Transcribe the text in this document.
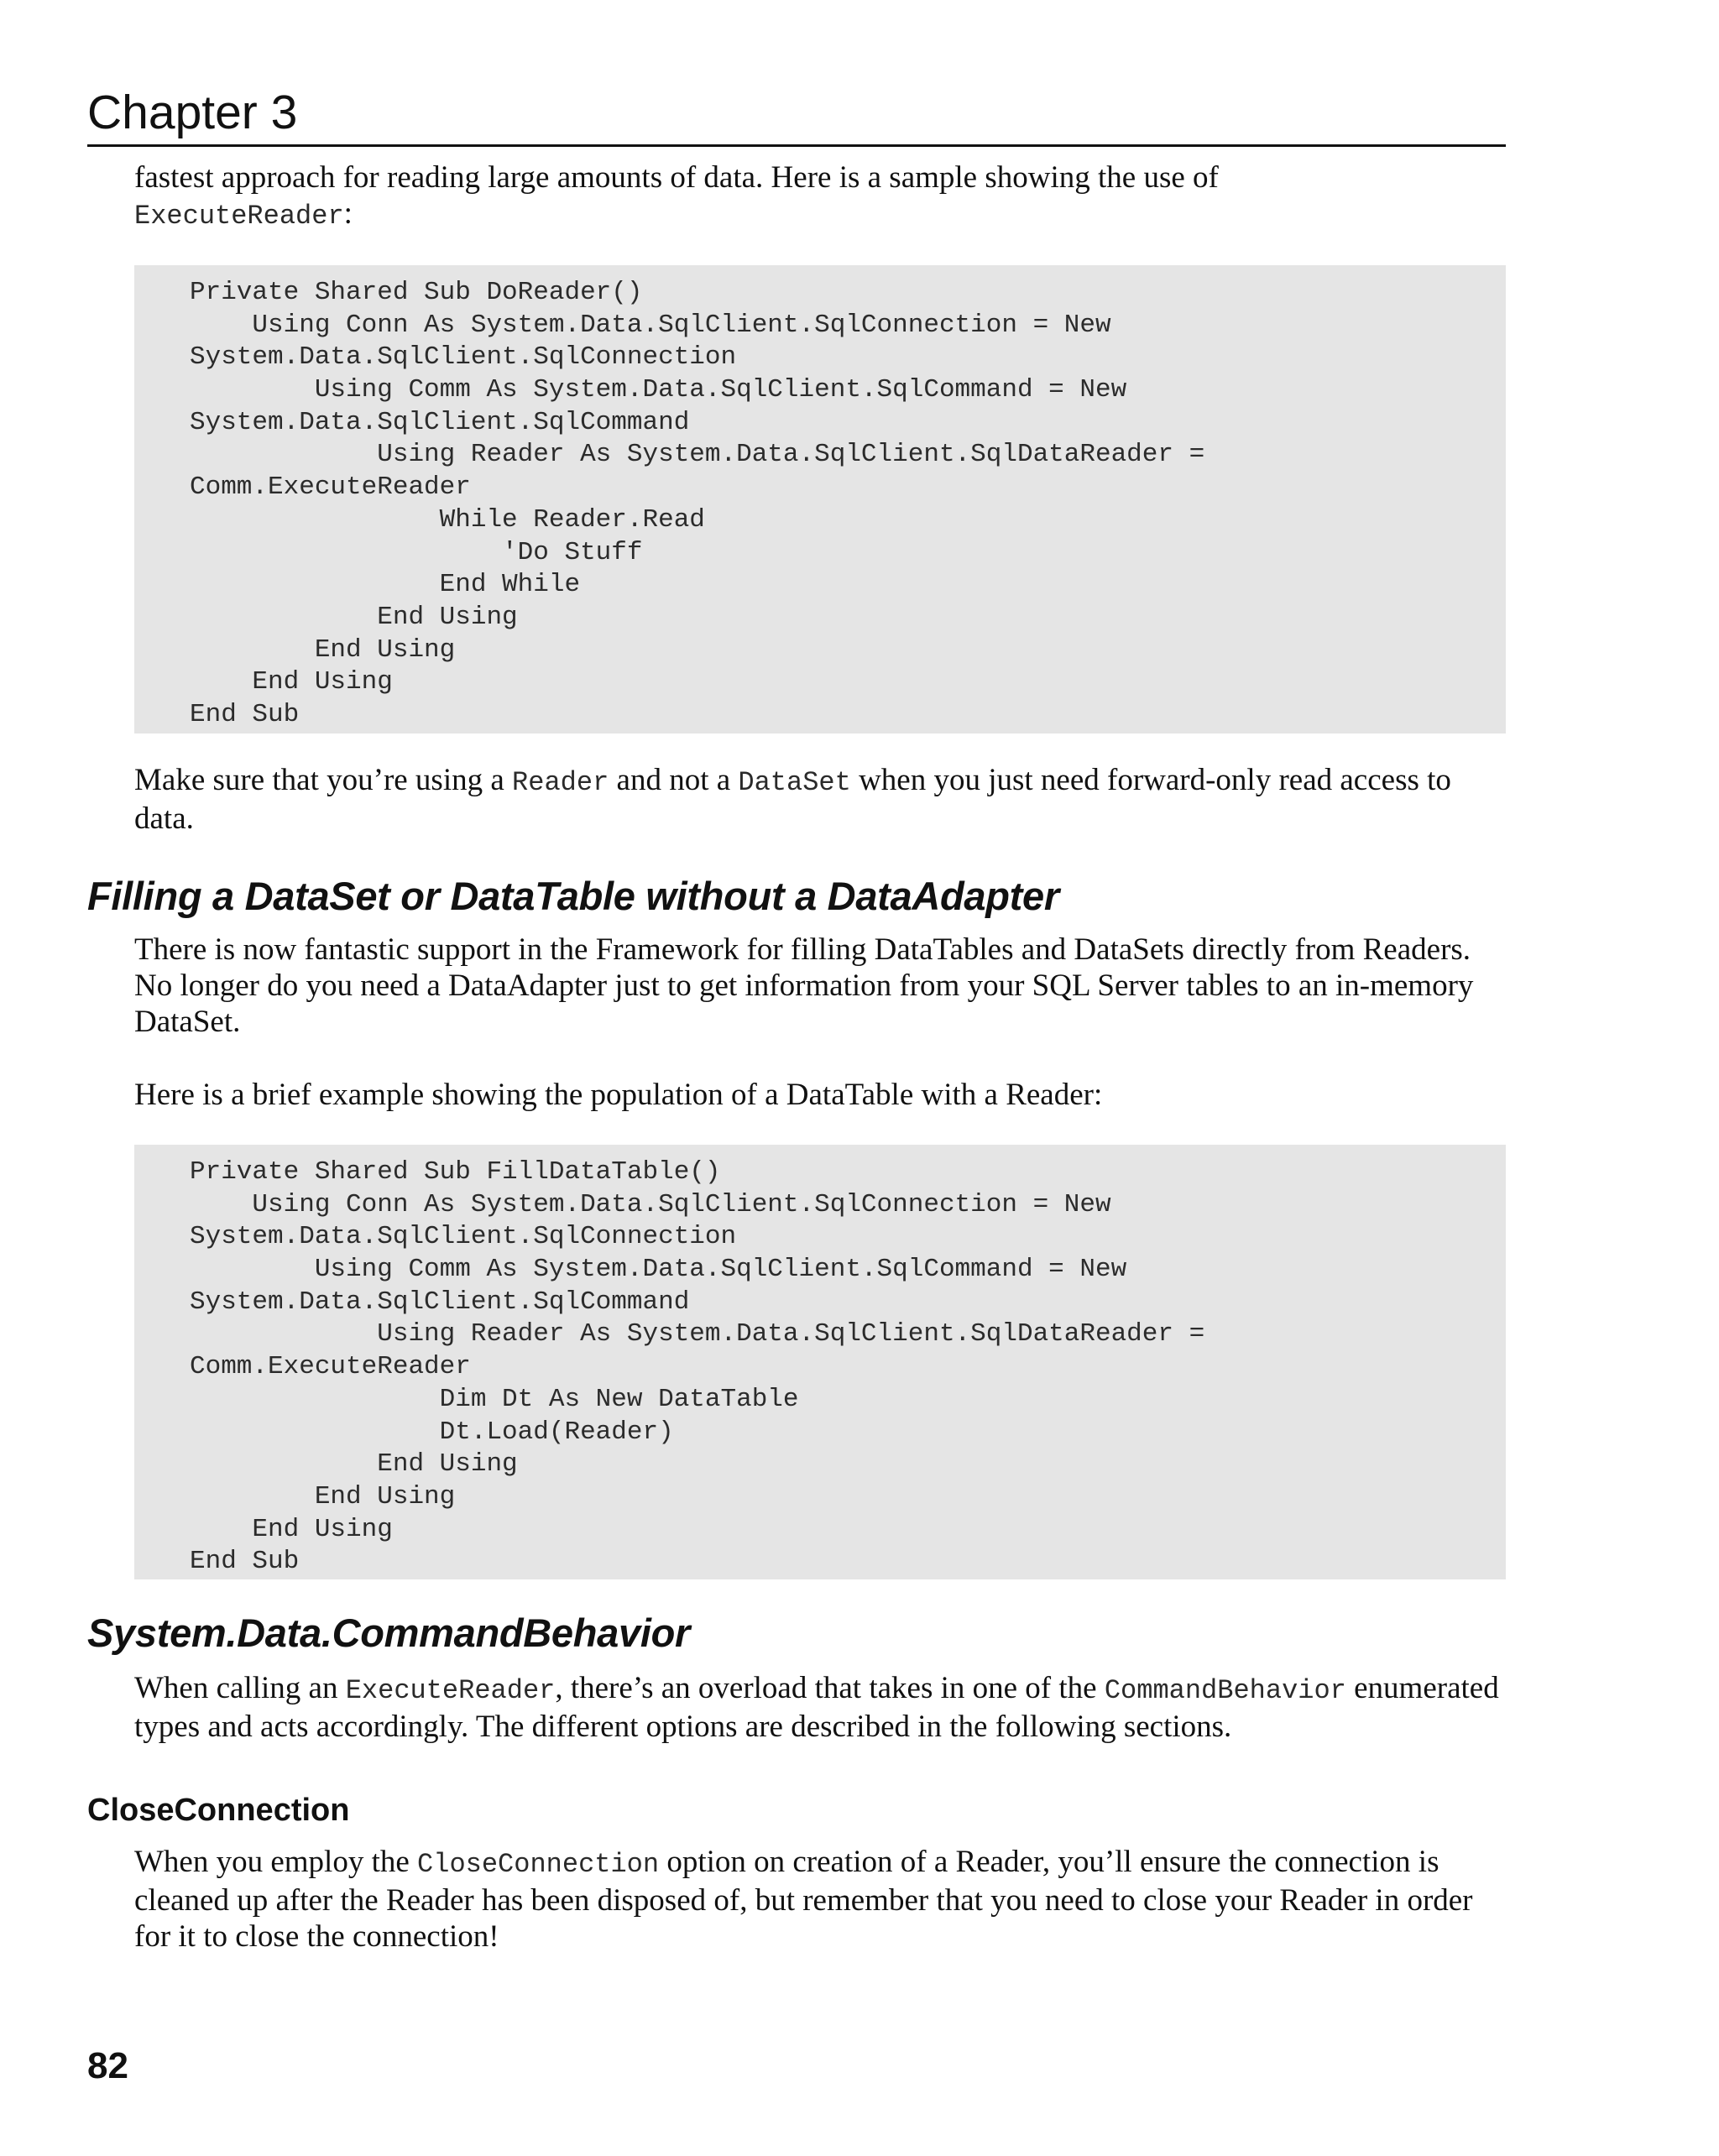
Chapter 3

fastest approach for reading large amounts of data. Here is a sample showing the use of
ExecuteReader:

Private Shared Sub DoReader()
Using Conn As System.Data.SqlClient.SqlConnection = New
System.Data.SqlClient.SqlConnection
Using Comm As System.Data.SqlClient.SqlCommand = New
System.Data.SqlClient.SqlCommand
Using Reader As System.Data.SqlClient.SqlDataReader =
Comm.ExecuteReader
While Reader.Read
'Do Stuff
End While
End Using
End Using
End Using
End Sub

Make sure that you’re using a Reader and not a DataSet when you just need forward-only read access to data.

Filling a DataSet or DataTable without a DataAdapter

There is now fantastic support in the Framework for filling DataTables and DataSets directly from Readers. No longer do you need a DataAdapter just to get information from your SQL Server tables to an in-memory DataSet.

Here is a brief example showing the population of a DataTable with a Reader:

Private Shared Sub FillDataTable()
Using Conn As System.Data.SqlClient.SqlConnection = New
System.Data.SqlClient.SqlConnection
Using Comm As System.Data.SqlClient.SqlCommand = New
System.Data.SqlClient.SqlCommand
Using Reader As System.Data.SqlClient.SqlDataReader =
Comm.ExecuteReader
Dim Dt As New DataTable
Dt.Load(Reader)
End Using
End Using
End Using
End Sub
System.Data.CommandBehavior

When calling an ExecuteReader, there’s an overload that takes in one of the CommandBehavior enumerated types and acts accordingly. The different options are described in the following sections.

CloseConnection

When you employ the CloseConnection option on creation of a Reader, you’ll ensure the connection is cleaned up after the Reader has been disposed of, but remember that you need to close your Reader in order for it to close the connection!

82
